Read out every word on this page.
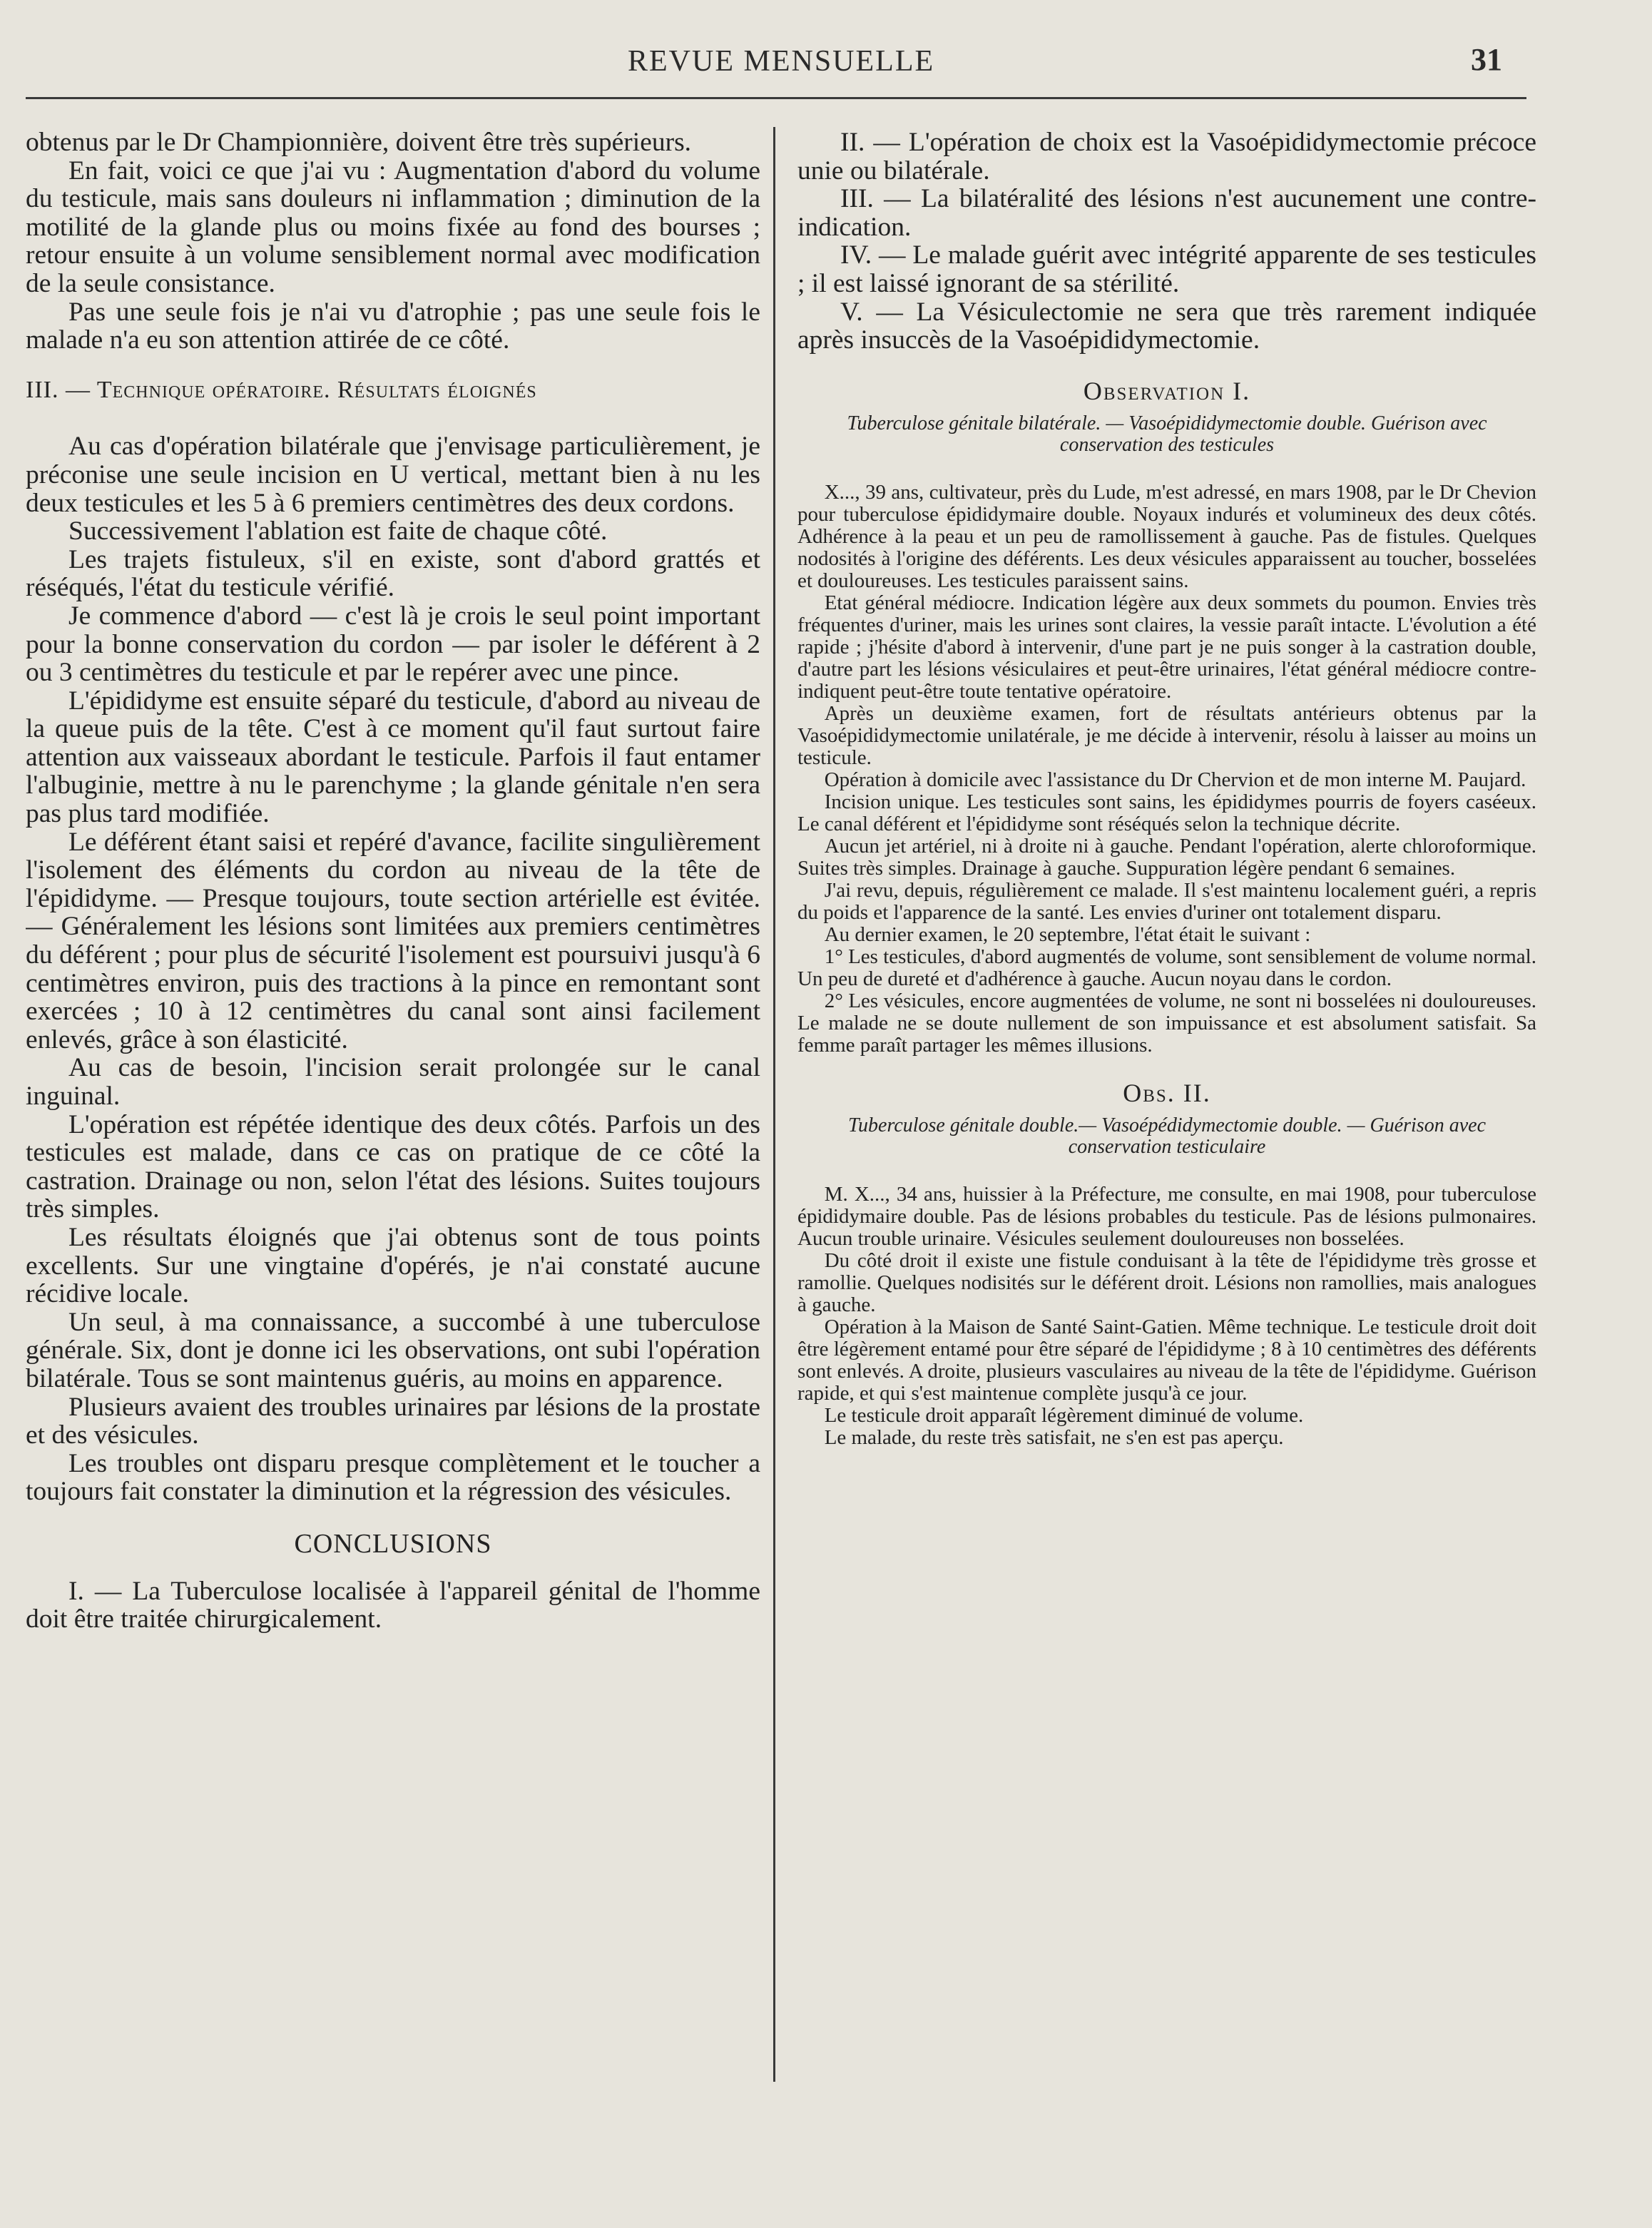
REVUE MENSUELLE	31

obtenus par le Dr Championnière, doivent être très supérieurs.

En fait, voici ce que j'ai vu : Augmentation d'abord du volume du testicule, mais sans douleurs ni inflammation ; diminution de la motilité de la glande plus ou moins fixée au fond des bourses ; retour ensuite à un volume sensiblement normal avec modification de la seule consistance.

Pas une seule fois je n'ai vu d'atrophie ; pas une seule fois le malade n'a eu son attention attirée de ce côté.

III. — Technique opératoire. Résultats éloignés

Au cas d'opération bilatérale que j'envisage particulièrement, je préconise une seule incision en U vertical, mettant bien à nu les deux testicules et les 5 à 6 premiers centimètres des deux cordons.

Successivement l'ablation est faite de chaque côté.

Les trajets fistuleux, s'il en existe, sont d'abord grattés et réséqués, l'état du testicule vérifié.

Je commence d'abord — c'est là je crois le seul point important pour la bonne conservation du cordon — par isoler le déférent à 2 ou 3 centimètres du testicule et par le repérer avec une pince.

L'épididyme est ensuite séparé du testicule, d'abord au niveau de la queue puis de la tête. C'est à ce moment qu'il faut surtout faire attention aux vaisseaux abordant le testicule. Parfois il faut entamer l'albuginie, mettre à nu le parenchyme ; la glande génitale n'en sera pas plus tard modifiée.

Le déférent étant saisi et repéré d'avance, facilite singulièrement l'isolement des éléments du cordon au niveau de la tête de l'épididyme. — Presque toujours, toute section artérielle est évitée.— Généralement les lésions sont limitées aux premiers centimètres du déférent ; pour plus de sécurité l'isolement est poursuivi jusqu'à 6 centimètres environ, puis des tractions à la pince en remontant sont exercées ; 10 à 12 centimètres du canal sont ainsi facilement enlevés, grâce à son élasticité.

Au cas de besoin, l'incision serait prolongée sur le canal inguinal.

L'opération est répétée identique des deux côtés. Parfois un des testicules est malade, dans ce cas on pratique de ce côté la castration. Drainage ou non, selon l'état des lésions. Suites toujours très simples.

Les résultats éloignés que j'ai obtenus sont de tous points excellents. Sur une vingtaine d'opérés, je n'ai constaté aucune récidive locale.

Un seul, à ma connaissance, a succombé à une tuberculose générale. Six, dont je donne ici les observations, ont subi l'opération bilatérale. Tous se sont maintenus guéris, au moins en apparence.

Plusieurs avaient des troubles urinaires par lésions de la prostate et des vésicules.

Les troubles ont disparu presque complètement et le toucher a toujours fait constater la diminution et la régression des vésicules.

CONCLUSIONS

I. — La Tuberculose localisée à l'appareil génital de l'homme doit être traitée chirurgicalement.

II. — L'opération de choix est la Vasoépididymectomie précoce unie ou bilatérale.

III. — La bilatéralité des lésions n'est aucunement une contre-indication.

IV. — Le malade guérit avec intégrité apparente de ses testicules ; il est laissé ignorant de sa stérilité.

V. — La Vésiculectomie ne sera que très rarement indiquée après insuccès de la Vasoépididymectomie.

Observation I.

Tuberculose génitale bilatérale. — Vasoépididymectomie double. Guérison avec conservation des testicules

X..., 39 ans, cultivateur, près du Lude, m'est adressé, en mars 1908, par le Dr Chevion pour tuberculose épididymaire double. Noyaux indurés et volumineux des deux côtés. Adhérence à la peau et un peu de ramollissement à gauche. Pas de fistules. Quelques nodosités à l'origine des déférents. Les deux vésicules apparaissent au toucher, bosselées et douloureuses. Les testicules paraissent sains.

Etat général médiocre. Indication légère aux deux sommets du poumon. Envies très fréquentes d'uriner, mais les urines sont claires, la vessie paraît intacte. L'évolution a été rapide ; j'hésite d'abord à intervenir, d'une part je ne puis songer à la castration double, d'autre part les lésions vésiculaires et peut-être urinaires, l'état général médiocre contre-indiquent peut-être toute tentative opératoire.

Après un deuxième examen, fort de résultats antérieurs obtenus par la Vasoépididymectomie unilatérale, je me décide à intervenir, résolu à laisser au moins un testicule.

Opération à domicile avec l'assistance du Dr Chervion et de mon interne M. Paujard.

Incision unique. Les testicules sont sains, les épididymes pourris de foyers caséeux. Le canal déférent et l'épididyme sont réséqués selon la technique décrite.

Aucun jet artériel, ni à droite ni à gauche. Pendant l'opération, alerte chloroformique. Suites très simples. Drainage à gauche. Suppuration légère pendant 6 semaines.

J'ai revu, depuis, régulièrement ce malade. Il s'est maintenu localement guéri, a repris du poids et l'apparence de la santé. Les envies d'uriner ont totalement disparu.

Au dernier examen, le 20 septembre, l'état était le suivant :

1° Les testicules, d'abord augmentés de volume, sont sensiblement de volume normal. Un peu de dureté et d'adhérence à gauche. Aucun noyau dans le cordon.

2° Les vésicules, encore augmentées de volume, ne sont ni bosselées ni douloureuses. Le malade ne se doute nullement de son impuissance et est absolument satisfait. Sa femme paraît partager les mêmes illusions.

Obs. II.

Tuberculose génitale double.— Vasoépédidymectomie double. — Guérison avec conservation testiculaire

M. X..., 34 ans, huissier à la Préfecture, me consulte, en mai 1908, pour tuberculose épididymaire double. Pas de lésions probables du testicule. Pas de lésions pulmonaires. Aucun trouble urinaire. Vésicules seulement douloureuses non bosselées.

Du côté droit il existe une fistule conduisant à la tête de l'épididyme très grosse et ramollie. Quelques nodisités sur le déférent droit. Lésions non ramollies, mais analogues à gauche.

Opération à la Maison de Santé Saint-Gatien. Même technique. Le testicule droit doit être légèrement entamé pour être séparé de l'épididyme ; 8 à 10 centimètres des déférents sont enlevés. A droite, plusieurs vasculaires au niveau de la tête de l'épididyme. Guérison rapide, et qui s'est maintenue complète jusqu'à ce jour.

Le testicule droit apparaît légèrement diminué de volume.

Le malade, du reste très satisfait, ne s'en est pas aperçu.
